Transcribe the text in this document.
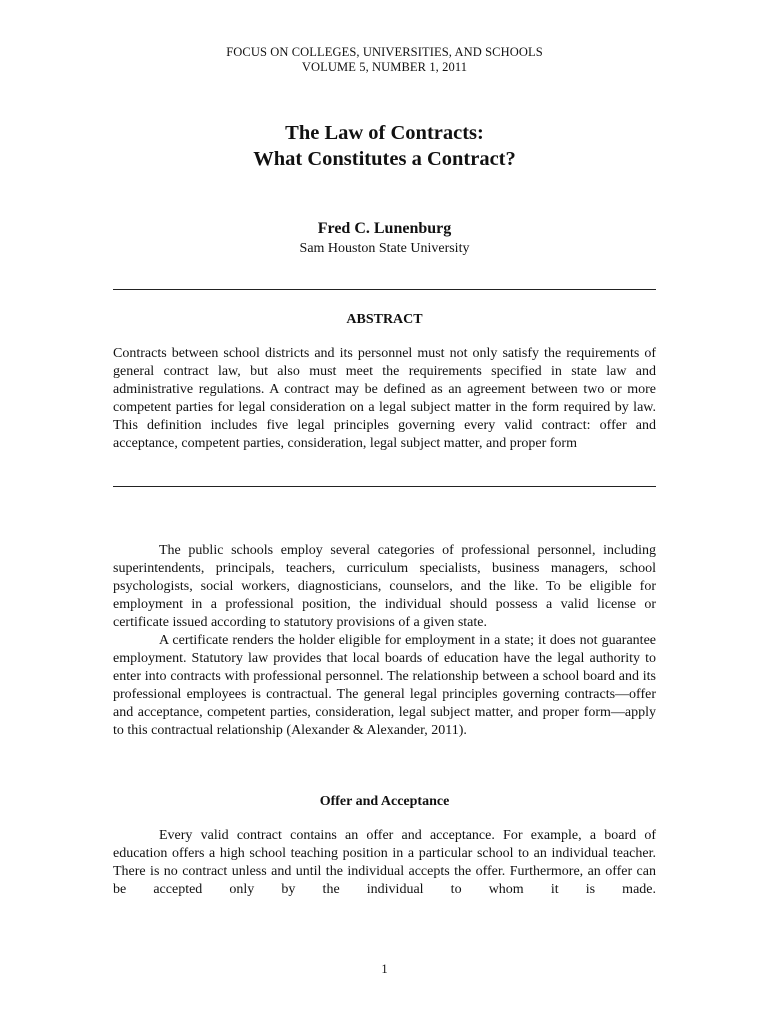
FOCUS ON COLLEGES, UNIVERSITIES, AND SCHOOLS
VOLUME 5, NUMBER 1, 2011
The Law of Contracts:
What Constitutes a Contract?
Fred C. Lunenburg
Sam Houston State University
ABSTRACT

Contracts between school districts and its personnel must not only satisfy the requirements of general contract law, but also must meet the requirements specified in state law and administrative regulations. A contract may be defined as an agreement between two or more competent parties for legal consideration on a legal subject matter in the form required by law. This definition includes five legal principles governing every valid contract: offer and acceptance, competent parties, consideration, legal subject matter, and proper form

The public schools employ several categories of professional personnel, including superintendents, principals, teachers, curriculum specialists, business managers, school psychologists, social workers, diagnosticians, counselors, and the like. To be eligible for employment in a professional position, the individual should possess a valid license or certificate issued according to statutory provisions of a given state.

A certificate renders the holder eligible for employment in a state; it does not guarantee employment. Statutory law provides that local boards of education have the legal authority to enter into contracts with professional personnel. The relationship between a school board and its professional employees is contractual. The general legal principles governing contracts—offer and acceptance, competent parties, consideration, legal subject matter, and proper form—apply to this contractual relationship (Alexander & Alexander, 2011).

Offer and Acceptance

Every valid contract contains an offer and acceptance. For example, a board of education offers a high school teaching position in a particular school to an individual teacher. There is no contract unless and until the individual accepts the offer. Furthermore, an offer can be accepted only by the individual to whom it is made.

1
